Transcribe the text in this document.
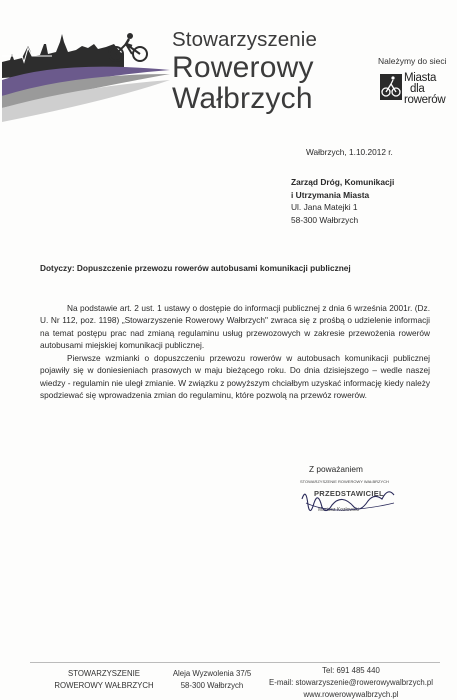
Stowarzyszenie
Rowerowy
Wałbrzych
Należymy do sieci
Miasta
dla
rowerów
Wałbrzych, 1.10.2012 r.
Zarząd Dróg, Komunikacji
i Utrzymania Miasta
Ul. Jana Matejki 1
58-300 Wałbrzych
Dotyczy: Dopuszczenie przewozu rowerów autobusami komunikacji publicznej

Na podstawie art. 2 ust. 1 ustawy o dostępie do informacji publicznej z dnia 6 września 2001r. (Dz. U. Nr 112, poz. 1198) „Stowarzyszenie Rowerowy Wałbrzych" zwraca się z prośbą o udzielenie informacji na temat postępu prac nad zmianą regulaminu usług przewozowych w zakresie przewożenia rowerów autobusami miejskiej komunikacji publicznej.

Pierwsze wzmianki o dopuszczeniu przewozu rowerów w autobusach komunikacji publicznej pojawiły się w doniesieniach prasowych w maju bieżącego roku. Do dnia dzisiejszego – wedle naszej wiedzy - regulamin nie uległ zmianie. W związku z powyższym chciałbym uzyskać informację kiedy należy spodziewać się wprowadzenia zmian do regulaminu, które pozwolą na przewóz rowerów.

Z poważaniem
STOWARZYSZENIE ROWEROWY WAŁBRZYCH
PRZEDSTAWICIEL
Mariusz Kozłowski
STOWARZYSZENIE
ROWEROWY WAŁBRZYCH
Aleja Wyzwolenia 37/5
58-300 Wałbrzych
Tel: 691 485 440
E-mail: stowarzyszenie@rowerowywalbrzych.pl
www.rowerowywalbrzych.pl
